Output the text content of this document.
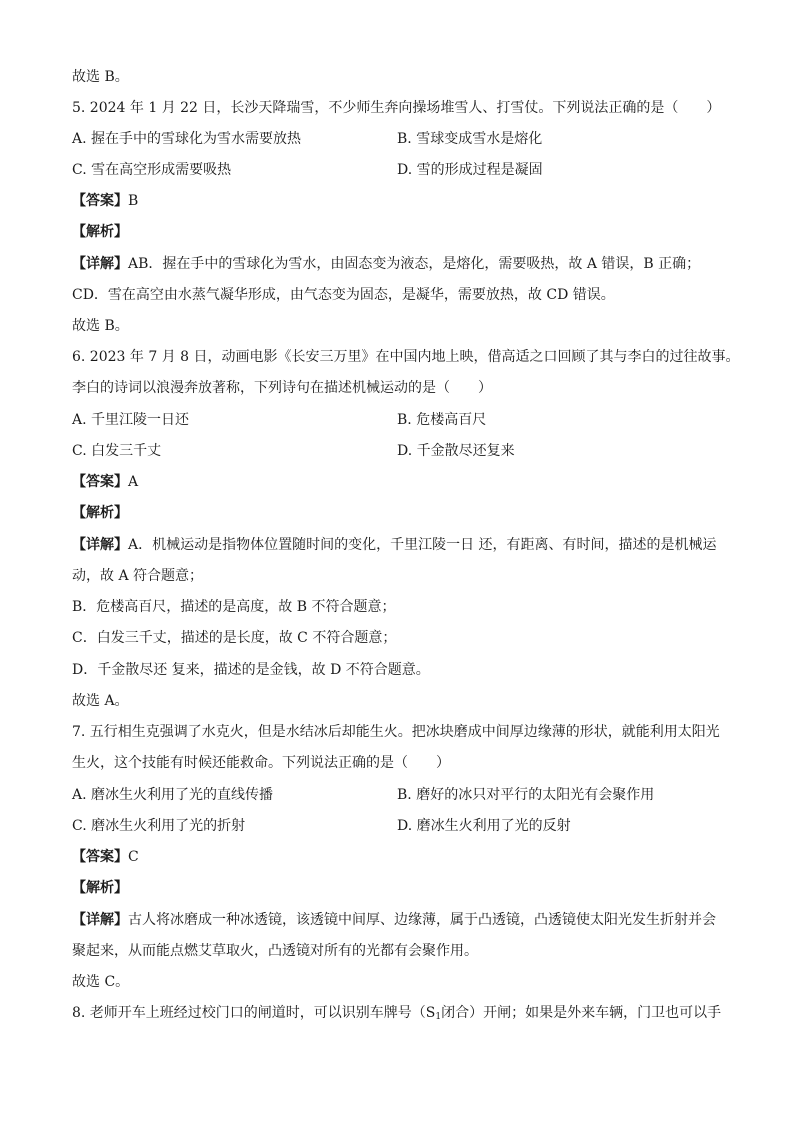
故选 B。
5. 2024 年 1 月 22 日，长沙天降瑞雪，不少师生奔向操场堆雪人、打雪仗。下列说法正确的是（　　）
A. 握在手中的雪球化为雪水需要放热	B. 雪球变成雪水是熔化
C. 雪在高空形成需要吸热	D. 雪的形成过程是凝固
【答案】B
【解析】
【详解】AB．握在手中的雪球化为雪水，由固态变为液态，是熔化，需要吸热，故 A 错误，B 正确；
CD．雪在高空由水蒸气凝华形成，由气态变为固态，是凝华，需要放热，故 CD 错误。
故选 B。
6. 2023 年 7 月 8 日，动画电影《长安三万里》在中国内地上映，借高适之口回顾了其与李白的过往故事。
李白的诗词以浪漫奔放著称，下列诗句在描述机械运动的是（　　）
A. 千里江陵一日还	B. 危楼高百尺
C. 白发三千丈	D. 千金散尽还复来
【答案】A
【解析】
【详解】A．机械运动是指物体位置随时间的变化，千里江陵一日 还，有距离、有时间，描述的是机械运
动，故 A 符合题意；
B．危楼高百尺，描述的是高度，故 B 不符合题意；
C．白发三千丈，描述的是长度，故 C 不符合题意；
D．千金散尽还 复来，描述的是金钱，故 D 不符合题意。
故选 A。
7. 五行相生克强调了水克火，但是水结冰后却能生火。把冰块磨成中间厚边缘薄的形状，就能利用太阳光
生火，这个技能有时候还能救命。下列说法正确的是（　　）
A. 磨冰生火利用了光的直线传播	B. 磨好的冰只对平行的太阳光有会聚作用
C. 磨冰生火利用了光的折射	D. 磨冰生火利用了光的反射
【答案】C
【解析】
【详解】古人将冰磨成一种冰透镜，该透镜中间厚、边缘薄，属于凸透镜，凸透镜使太阳光发生折射并会
聚起来，从而能点燃艾草取火，凸透镜对所有的光都有会聚作用。
故选 C。
8. 老师开车上班经过校门口的闸道时，可以识别车牌号（$S_1$闭合）开闸；如果是外来车辆，门卫也可以手
